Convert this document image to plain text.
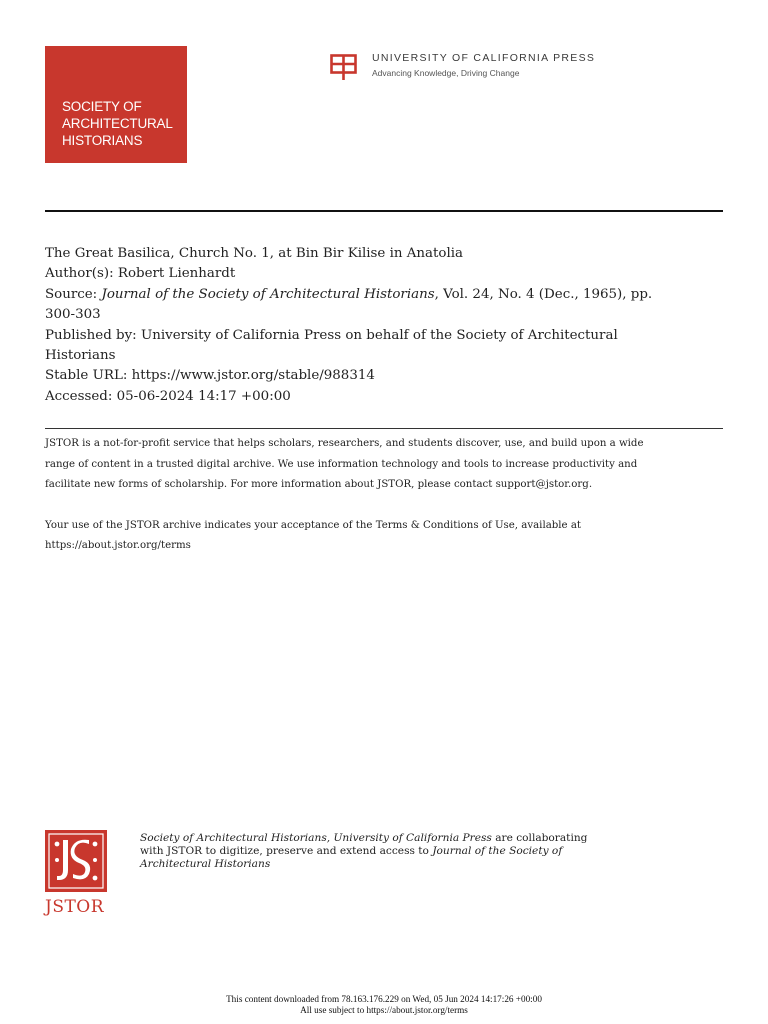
SOCIETY OF
ARCHITECTURAL
HISTORIANS
UNIVERSITY OF CALIFORNIA PRESS
Advancing Knowledge, Driving Change

The Great Basilica, Church No. 1, at Bin Bir Kilise in Anatolia

Author(s): Robert Lienhardt

Source: Journal of the Society of Architectural Historians, Vol. 24, No. 4 (Dec., 1965), pp.

300-303

Published by: University of California Press on behalf of the Society of Architectural

Historians

Stable URL: https://www.jstor.org/stable/988314

Accessed: 05-06-2024 14:17 +00:00

JSTOR is a not-for-profit service that helps scholars, researchers, and students discover, use, and build upon a wide
range of content in a trusted digital archive. We use information technology and tools to increase productivity and
facilitate new forms of scholarship. For more information about JSTOR, please contact support@jstor.org.

Your use of the JSTOR archive indicates your acceptance of the Terms & Conditions of Use, available at
https://about.jstor.org/terms

JSTOR

Society of Architectural Historians, University of California Press are collaborating

with JSTOR to digitize, preserve and extend access to Journal of the Society of

Architectural Historians

This content downloaded from 78.163.176.229 on Wed, 05 Jun 2024 14:17:26 +00:00

All use subject to https://about.jstor.org/terms
